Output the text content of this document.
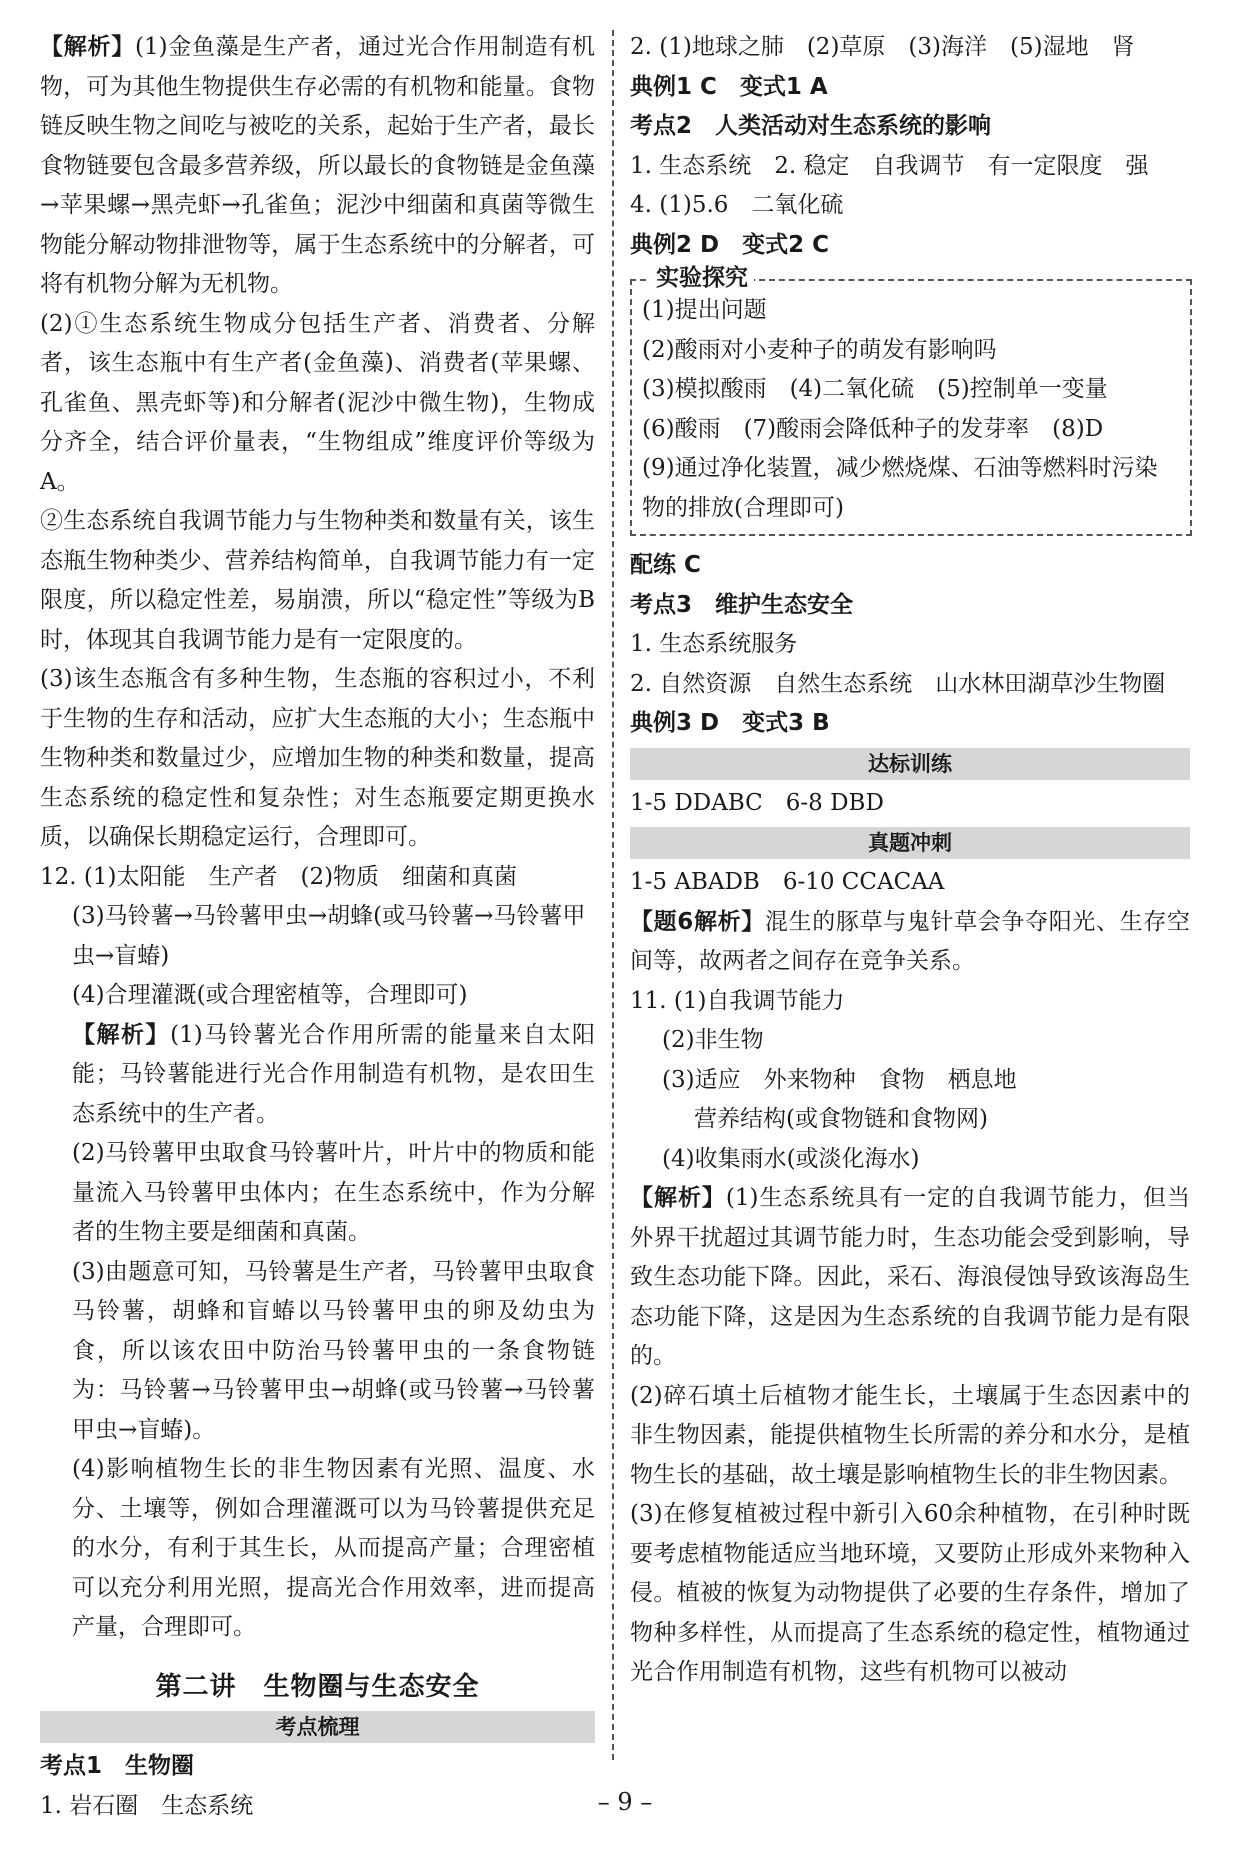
【解析】(1)金鱼藻是生产者，通过光合作用制造有机物，可为其他生物提供生存必需的有机物和能量。食物链反映生物之间吃与被吃的关系，起始于生产者，最长食物链要包含最多营养级，所以最长的食物链是金鱼藻→苹果螺→黑壳虾→孔雀鱼；泥沙中细菌和真菌等微生物能分解动物排泄物等，属于生态系统中的分解者，可将有机物分解为无机物。

(2)①生态系统生物成分包括生产者、消费者、分解者，该生态瓶中有生产者(金鱼藻)、消费者(苹果螺、孔雀鱼、黑壳虾等)和分解者(泥沙中微生物)，生物成分齐全，结合评价量表，“生物组成”维度评价等级为A。

②生态系统自我调节能力与生物种类和数量有关，该生态瓶生物种类少、营养结构简单，自我调节能力有一定限度，所以稳定性差，易崩溃，所以“稳定性”等级为B时，体现其自我调节能力是有一定限度的。

(3)该生态瓶含有多种生物，生态瓶的容积过小，不利于生物的生存和活动，应扩大生态瓶的大小；生态瓶中生物种类和数量过少，应增加生物的种类和数量，提高生态系统的稳定性和复杂性；对生态瓶要定期更换水质，以确保长期稳定运行，合理即可。

12. (1)太阳能　生产者　(2)物质　细菌和真菌

(3)马铃薯→马铃薯甲虫→胡蜂(或马铃薯→马铃薯甲虫→盲蝽)

(4)合理灌溉(或合理密植等，合理即可)

【解析】(1)马铃薯光合作用所需的能量来自太阳能；马铃薯能进行光合作用制造有机物，是农田生态系统中的生产者。

(2)马铃薯甲虫取食马铃薯叶片，叶片中的物质和能量流入马铃薯甲虫体内；在生态系统中，作为分解者的生物主要是细菌和真菌。

(3)由题意可知，马铃薯是生产者，马铃薯甲虫取食马铃薯，胡蜂和盲蝽以马铃薯甲虫的卵及幼虫为食，所以该农田中防治马铃薯甲虫的一条食物链为：马铃薯→马铃薯甲虫→胡蜂(或马铃薯→马铃薯甲虫→盲蝽)。

(4)影响植物生长的非生物因素有光照、温度、水分、土壤等，例如合理灌溉可以为马铃薯提供充足的水分，有利于其生长，从而提高产量；合理密植可以充分利用光照，提高光合作用效率，进而提高产量，合理即可。

第二讲　生物圈与生态安全
考点梳理

考点1　生物圈

1. 岩石圈　生态系统

2. (1)地球之肺　(2)草原　(3)海洋　(5)湿地　肾

典例1 C　变式1 A

考点2　人类活动对生态系统的影响

1. 生态系统　2. 稳定　自我调节　有一定限度　强

4. (1)5.6　二氧化硫

典例2 D　变式2 C

实验探究

(1)提出问题

(2)酸雨对小麦种子的萌发有影响吗

(3)模拟酸雨　(4)二氧化硫　(5)控制单一变量

(6)酸雨　(7)酸雨会降低种子的发芽率　(8)D

(9)通过净化装置，减少燃烧煤、石油等燃料时污染物的排放(合理即可)

配练 C

考点3　维护生态安全

1. 生态系统服务

2. 自然资源　自然生态系统　山水林田湖草沙生物圈

典例3 D　变式3 B

达标训练

1-5 DDABC　6-8 DBD

真题冲刺

1-5 ABADB　6-10 CCACAA

【题6解析】混生的豚草与鬼针草会争夺阳光、生存空间等，故两者之间存在竞争关系。

11. (1)自我调节能力

(2)非生物

(3)适应　外来物种　食物　栖息地

营养结构(或食物链和食物网)

(4)收集雨水(或淡化海水)

【解析】(1)生态系统具有一定的自我调节能力，但当外界干扰超过其调节能力时，生态功能会受到影响，导致生态功能下降。因此，采石、海浪侵蚀导致该海岛生态功能下降，这是因为生态系统的自我调节能力是有限的。

(2)碎石填土后植物才能生长，土壤属于生态因素中的非生物因素，能提供植物生长所需的养分和水分，是植物生长的基础，故土壤是影响植物生长的非生物因素。

(3)在修复植被过程中新引入60余种植物，在引种时既要考虑植物能适应当地环境，又要防止形成外来物种入侵。植被的恢复为动物提供了必要的生存条件，增加了物种多样性，从而提高了生态系统的稳定性，植物通过光合作用制造有机物，这些有机物可以被动

– 9 –
